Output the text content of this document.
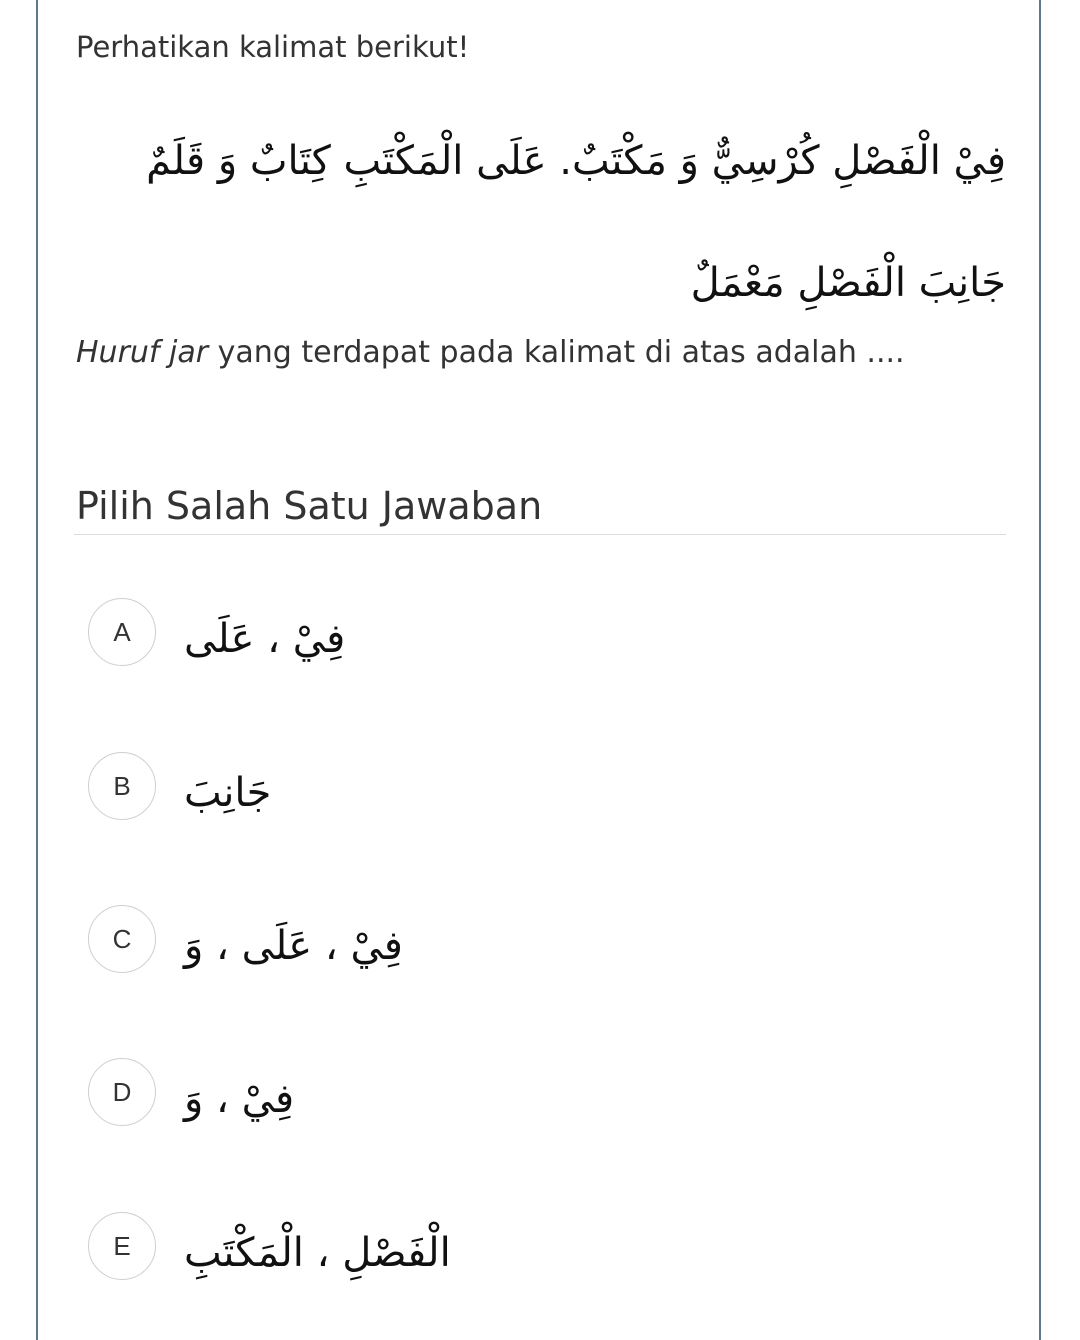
Perhatikan kalimat berikut!

فِيْ الْفَصْلِ كُرْسِيٌّ وَ مَكْتَبٌ. عَلَى الْمَكْتَبِ كِتَابٌ وَ قَلَمٌ
جَانِبَ الْفَصْلِ مَعْمَلٌ

Huruf jar yang terdapat pada kalimat di atas adalah ....

Pilih Salah Satu Jawaban
A	فِيْ ، عَلَى
B	جَانِبَ
C	فِيْ ، عَلَى ، وَ
D	فِيْ ، وَ
E	الْفَصْلِ ، الْمَكْتَبِ
